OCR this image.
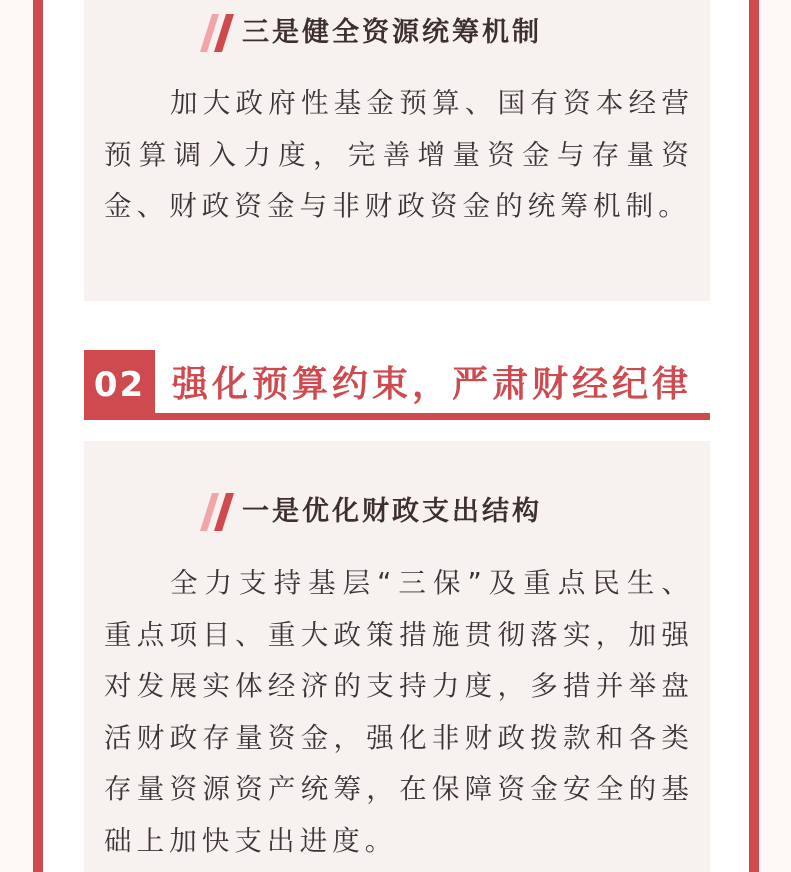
三是健全资源统筹机制

加大政府性基金预算、国有资本经营预算调入力度，完善增量资金与存量资金、财政资金与非财政资金的统筹机制。

02 强化预算约束，严肃财经纪律
一是优化财政支出结构

全力支持基层“三保”及重点民生、重点项目、重大政策措施贯彻落实，加强对发展实体经济的支持力度，多措并举盘活财政存量资金，强化非财政拨款和各类存量资源资产统筹，在保障资金安全的基础上加快支出进度。
